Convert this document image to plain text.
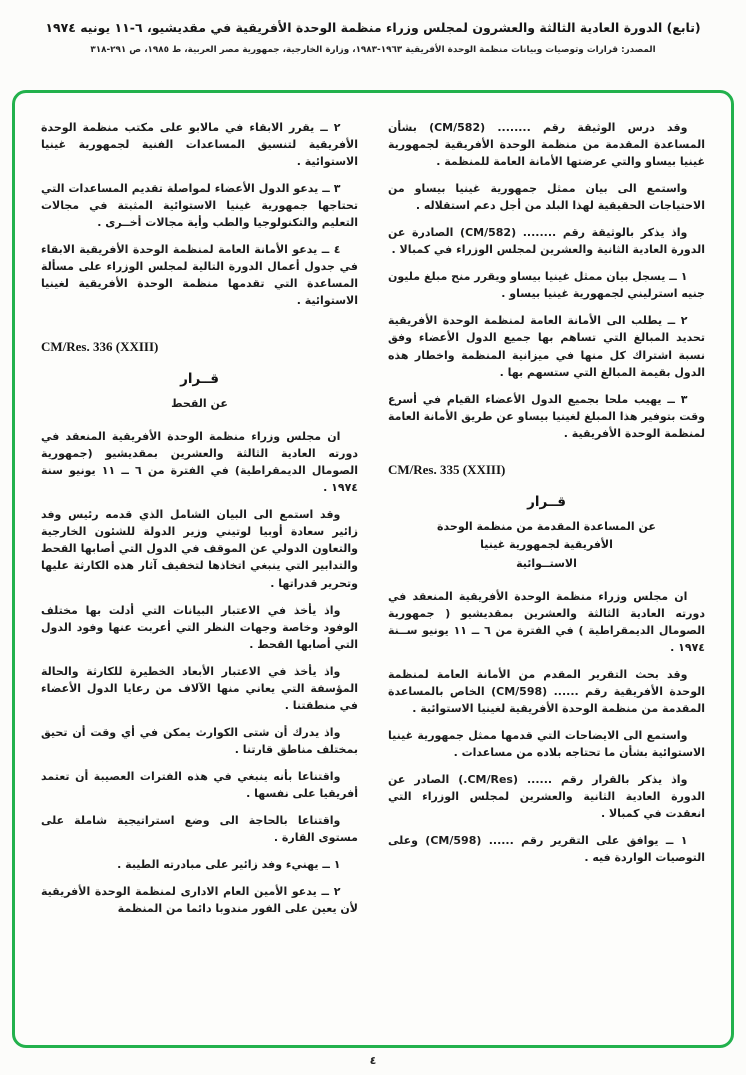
(تابع) الدورة العادية الثالثة والعشرون لمجلس وزراء منظمة الوحدة الأفريقية في مقديشيو، ٦-١١ يونيه ١٩٧٤
المصدر: قرارات وتوصيات وبيانات منظمة الوحدة الأفريقية ١٩٦٣-١٩٨٣، وزارة الخارجية، جمهورية مصر العربية، ط ١٩٨٥، ص ٢٩١-٣١٨

وقد درس الوثيقة رقم ........ (CM/582) بشأن المساعدة المقدمة من منظمة الوحدة الأفريقية لجمهورية غينيا بيساو والتي عرضتها الأمانة العامة للمنظمة .

واستمع الى بيان ممثل جمهورية غينيا بيساو من الاحتياجات الحقيقية لهذا البلد من أجل دعم استقلاله .

واذ يذكر بالوثيقة رقم ........ (CM/582) الصادرة عن الدورة العادية الثانية والعشرين لمجلس الوزراء في كمبالا .

١ ــ يسجل بيان ممثل غينيا بيساو ويقرر منح مبلغ مليون جنيه استرليني لجمهورية غينيا بيساو .

٢ ــ يطلب الى الأمانة العامة لمنظمة الوحدة الأفريقية تحديد المبالغ التي تساهم بها جميع الدول الأعضاء وفق نسبة اشتراك كل منها في ميزانية المنظمة واخطار هذه الدول بقيمة المبالغ التي ستسهم بها .

٣ ــ يهيب ملحا بجميع الدول الأعضاء القيام في أسرع وقت بتوفير هذا المبلغ لغينيا بيساو عن طريق الأمانة العامة لمنظمة الوحدة الأفريقية .

CM/Res. 335 (XXIII)
قــرار
عن المساعدة المقدمة من منظمة الوحدة
الأفريقية لجمهورية غينيا
الاستــوائية

ان مجلس وزراء منظمة الوحدة الأفريقية المنعقد في دورته العادية الثالثة والعشرين بمقديشيو ( جمهورية الصومال الديمقراطية ) في الفترة من ٦ ــ ١١ يونيو ســنة ١٩٧٤ .

وقد بحث التقرير المقدم من الأمانة العامة لمنظمة الوحدة الأفريقية رقم ...... (CM/598) الخاص بالمساعدة المقدمة من منظمة الوحدة الأفريقية لغينيا الاستوائية .

واستمع الى الايضاحات التي قدمها ممثل جمهورية غينيا الاستوائية بشأن ما تحتاجه بلاده من مساعدات .

واذ يذكر بالقرار رقم ...... (CM/Res.) الصادر عن الدورة العادية الثانية والعشرين لمجلس الوزراء التي انعقدت في كمبالا .

١ ــ يوافق على التقرير رقم ...... (CM/598) وعلى التوصيات الواردة فيه .

٢ ــ يقرر الابقاء في مالابو على مكتب منظمة الوحدة الأفريقية لتنسيق المساعدات الفنية لجمهورية غينيا الاستوائية .

٣ ــ يدعو الدول الأعضاء لمواصلة تقديم المساعدات التي تحتاجها جمهورية غينيا الاستوائية المثبتة في مجالات التعليم والتكنولوجيا والطب وأية مجالات أخــرى .

٤ ــ يدعو الأمانة العامة لمنظمة الوحدة الأفريقية الابقاء في جدول أعمال الدورة التالية لمجلس الوزراء على مسألة المساعدة التي تقدمها منظمة الوحدة الأفريقية لغينيا الاستوائية .

CM/Res. 336 (XXIII)
قــرار
عن القحط

ان مجلس وزراء منظمة الوحدة الأفريقية المنعقد في دورته العادية الثالثة والعشرين بمقديشيو (جمهورية الصومال الديمقراطية) في الفترة من ٦ ــ ١١ يونيو سنة ١٩٧٤ .

وقد استمع الى البيان الشامل الذي قدمه رئيس وفد زائير سعادة أوبيا لوتيني وزير الدولة للشئون الخارجية والتعاون الدولي عن الموقف في الدول التي أصابها القحط والتدابير التي ينبغي اتخاذها لتخفيف آثار هذه الكارثة عليها وتحرير قدراتها .

واذ يأخذ في الاعتبار البيانات التي أدلت بها مختلف الوفود وخاصة وجهات النظر التي أعربت عنها وفود الدول التي أصابها القحط .

واذ يأخذ في الاعتبار الأبعاد الخطيرة للكارثة والحالة المؤسفة التي يعاني منها الآلاف من رعايا الدول الأعضاء في منطقتنا .

واذ يدرك أن شتى الكوارث يمكن في أي وقت أن تحيق بمختلف مناطق قارتنا .

واقتناعا بأنه ينبغي في هذه الفترات العصيبة أن تعتمد أفريقيا على نفسها .

واقتناعا بالحاجة الى وضع استراتيجية شاملة على مستوى القارة .

١ ــ يهنيء وفد زائير على مبادرته الطيبة .

٢ ــ يدعو الأمين العام الادارى لمنظمة الوحدة الأفريقية لأن يعين على الفور مندوبا دائما من المنظمة

٤
